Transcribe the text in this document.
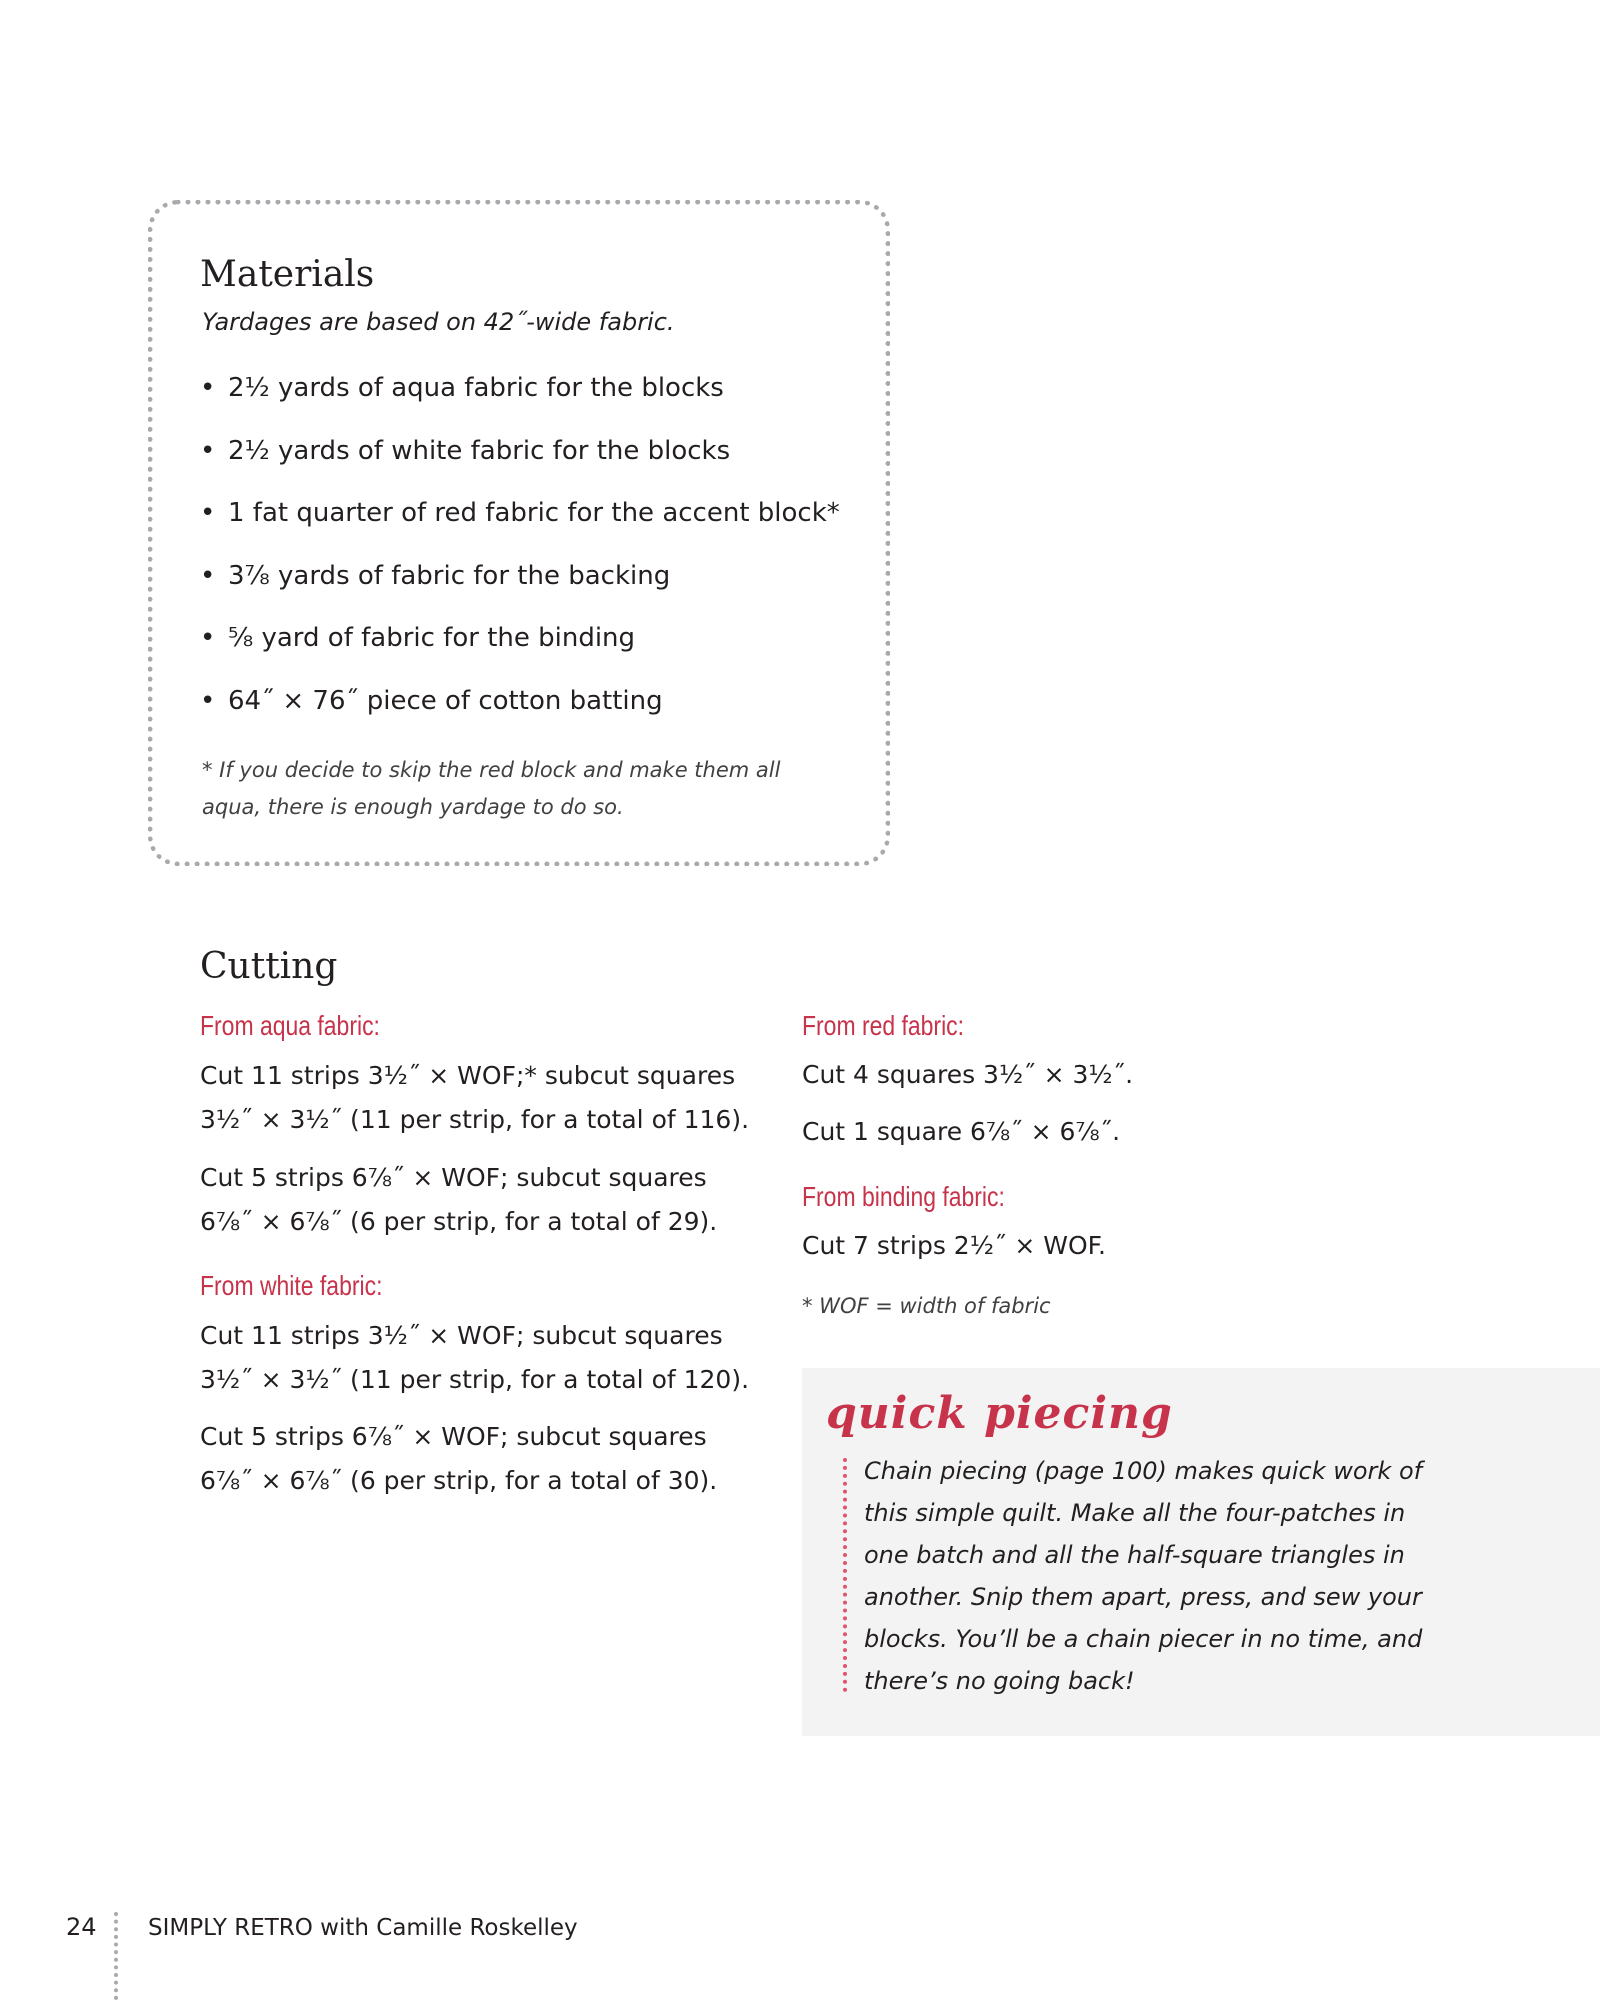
Materials
Yardages are based on 42˝-wide fabric.
• 2½ yards of aqua fabric for the blocks
• 2½ yards of white fabric for the blocks
• 1 fat quarter of red fabric for the accent block*
• 3⅞ yards of fabric for the backing
• ⅝ yard of fabric for the binding
• 64˝ × 76˝ piece of cotton batting
* If you decide to skip the red block and make them all aqua, there is enough yardage to do so.
Cutting
From aqua fabric:
Cut 11 strips 3½˝ × WOF;* subcut squares
3½˝ × 3½˝ (11 per strip, for a total of 116).
Cut 5 strips 6⅞˝ × WOF; subcut squares
6⅞˝ × 6⅞˝ (6 per strip, for a total of 29).
From white fabric:
Cut 11 strips 3½˝ × WOF; subcut squares
3½˝ × 3½˝ (11 per strip, for a total of 120).
Cut 5 strips 6⅞˝ × WOF; subcut squares
6⅞˝ × 6⅞˝ (6 per strip, for a total of 30).
From red fabric:
Cut 4 squares 3½˝ × 3½˝.
Cut 1 square 6⅞˝ × 6⅞˝.
From binding fabric:
Cut 7 strips 2½˝ × WOF.
* WOF = width of fabric
quick piecing
Chain piecing (page 100) makes quick work of this simple quilt. Make all the four-patches in one batch and all the half-square triangles in another. Snip them apart, press, and sew your blocks. You’ll be a chain piecer in no time, and there’s no going back!
24 SIMPLY RETRO with Camille Roskelley
